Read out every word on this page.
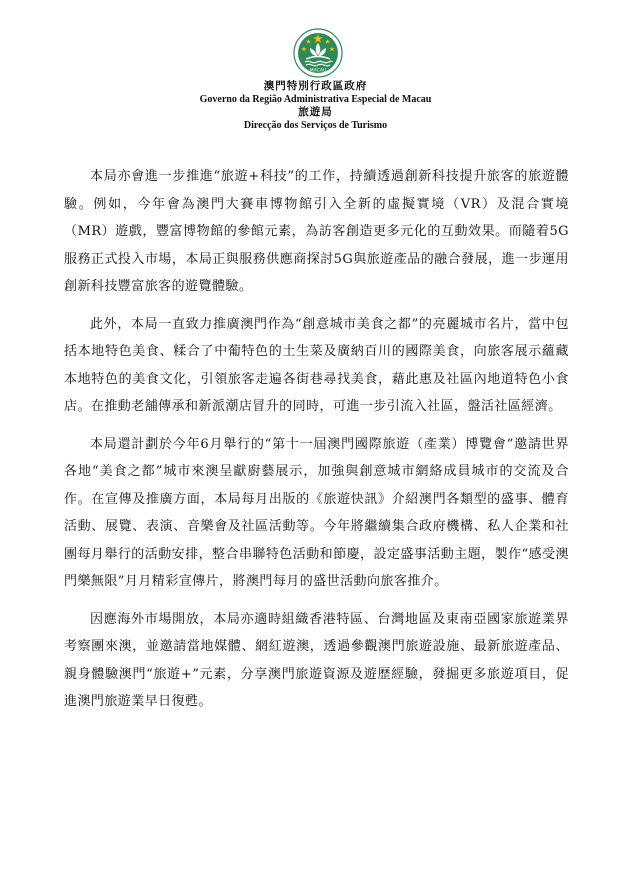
MACAU
澳門特別行政區政府
Governo da Região Administrativa Especial de Macau
旅遊局
Direcção dos Serviços de Turismo

本局亦會進一步推進“旅遊+科技”的工作，持續透過創新科技提升旅客的旅遊體驗。例如，今年會為澳門大賽車博物館引入全新的虛擬實境（VR）及混合實境（MR）遊戲，豐富博物館的參館元素，為訪客創造更多元化的互動效果。而隨着5G服務正式投入市場，本局正與服務供應商探討5G與旅遊產品的融合發展，進一步運用創新科技豐富旅客的遊覽體驗。

此外，本局一直致力推廣澳門作為“創意城市美食之都”的亮麗城市名片，當中包括本地特色美食、糅合了中葡特色的土生菜及廣納百川的國際美食，向旅客展示蘊藏本地特色的美食文化，引領旅客走遍各街巷尋找美食，藉此惠及社區內地道特色小食店。在推動老舖傳承和新派潮店冒升的同時，可進一步引流入社區，盤活社區經濟。

本局還計劃於今年6月舉行的“第十一屆澳門國際旅遊（產業）博覽會”邀請世界各地“美食之都”城市來澳呈獻廚藝展示，加強與創意城市網絡成員城市的交流及合作。在宣傳及推廣方面，本局每月出版的《旅遊快訊》介紹澳門各類型的盛事、體育活動、展覽、表演、音樂會及社區活動等。今年將繼續集合政府機構、私人企業和社團每月舉行的活動安排，整合串聯特色活動和節慶，設定盛事活動主題，製作“感受澳門樂無限”月月精彩宣傳片，將澳門每月的盛世活動向旅客推介。

因應海外市場開放，本局亦適時組織香港特區、台灣地區及東南亞國家旅遊業界考察團來澳，並邀請當地媒體、網紅遊澳，透過參觀澳門旅遊設施、最新旅遊產品、親身體驗澳門“旅遊+”元素，分享澳門旅遊資源及遊歷經驗，發掘更多旅遊項目，促進澳門旅遊業早日復甦。
